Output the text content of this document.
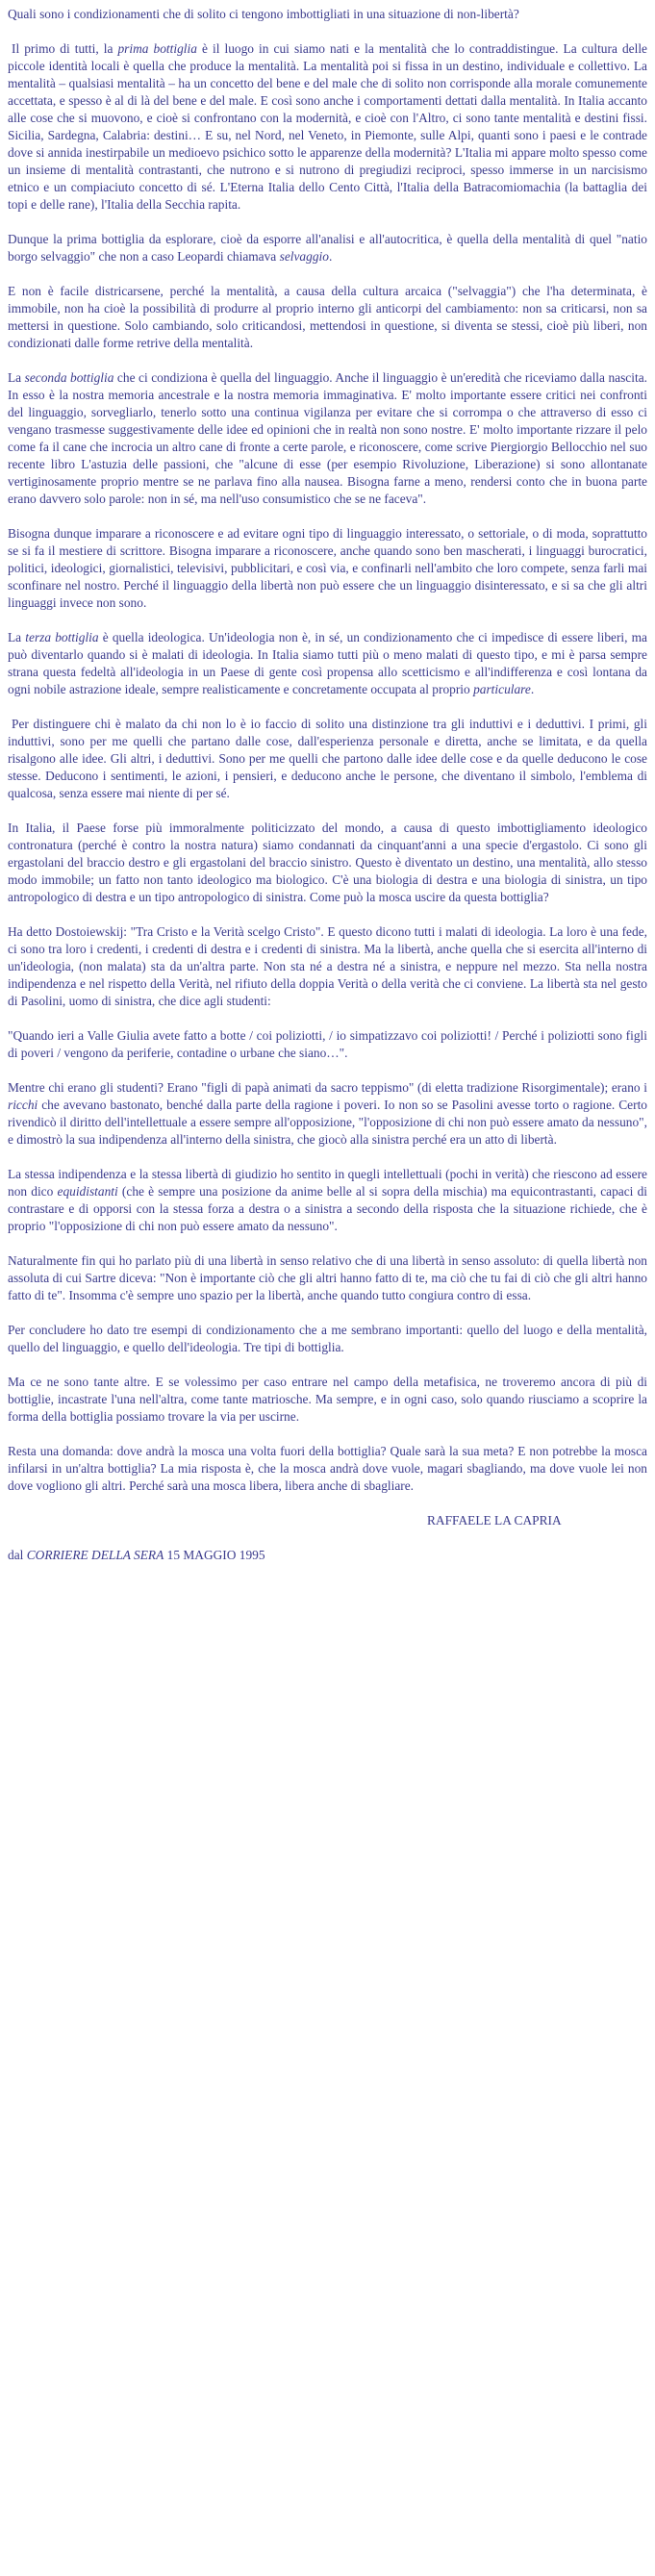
Quali sono i condizionamenti che di solito ci tengono imbottigliati in una situazione di non-libertà?

Il primo di tutti, la prima bottiglia è il luogo in cui siamo nati e la mentalità che lo contraddistingue. La cultura delle piccole identità locali è quella che produce la mentalità. La mentalità poi si fissa in un destino, individuale e collettivo. La mentalità – qualsiasi mentalità – ha un concetto del bene e del male che di solito non corrisponde alla morale comunemente accettata, e spesso è al di là del bene e del male. E così sono anche i comportamenti dettati dalla mentalità. In Italia accanto alle cose che si muovono, e cioè si confrontano con la modernità, e cioè con l'Altro, ci sono tante mentalità e destini fissi. Sicilia, Sardegna, Calabria: destini… E su, nel Nord, nel Veneto, in Piemonte, sulle Alpi, quanti sono i paesi e le contrade dove si annida inestirpabile un medioevo psichico sotto le apparenze della modernità? L'Italia mi appare molto spesso come un insieme di mentalità contrastanti, che nutrono e si nutrono di pregiudizi reciproci, spesso immerse in un narcisismo etnico e un compiaciuto concetto di sé. L'Eterna Italia dello Cento Città, l'Italia della Batracomiomachia (la battaglia dei topi e delle rane), l'Italia della Secchia rapita.

Dunque la prima bottiglia da esplorare, cioè da esporre all'analisi e all'autocritica, è quella della mentalità di quel "natio borgo selvaggio" che non a caso Leopardi chiamava selvaggio.

E non è facile districarsene, perché la mentalità, a causa della cultura arcaica ("selvaggia") che l'ha determinata, è immobile, non ha cioè la possibilità di produrre al proprio interno gli anticorpi del cambiamento: non sa criticarsi, non sa mettersi in questione. Solo cambiando, solo criticandosi, mettendosi in questione, si diventa se stessi, cioè più liberi, non condizionati dalle forme retrive della mentalità.

La seconda bottiglia che ci condiziona è quella del linguaggio. Anche il linguaggio è un'eredità che riceviamo dalla nascita. In esso è la nostra memoria ancestrale e la nostra memoria immaginativa. E' molto importante essere critici nei confronti del linguaggio, sorvegliarlo, tenerlo sotto una continua vigilanza per evitare che si corrompa o che attraverso di esso ci vengano trasmesse suggestivamente delle idee ed opinioni che in realtà non sono nostre. E' molto importante rizzare il pelo come fa il cane che incrocia un altro cane di fronte a certe parole, e riconoscere, come scrive Piergiorgio Bellocchio nel suo recente libro L'astuzia delle passioni, che "alcune di esse (per esempio Rivoluzione, Liberazione) si sono allontanate vertiginosamente proprio mentre se ne parlava fino alla nausea. Bisogna farne a meno, rendersi conto che in buona parte erano davvero solo parole: non in sé, ma nell'uso consumistico che se ne faceva".

Bisogna dunque imparare a riconoscere e ad evitare ogni tipo di linguaggio interessato, o settoriale, o di moda, soprattutto se si fa il mestiere di scrittore. Bisogna imparare a riconoscere, anche quando sono ben mascherati, i linguaggi burocratici, politici, ideologici, giornalistici, televisivi, pubblicitari, e così via, e confinarli nell'ambito che loro compete, senza farli mai sconfinare nel nostro. Perché il linguaggio della libertà non può essere che un linguaggio disinteressato, e si sa che gli altri linguaggi invece non sono.

La terza bottiglia è quella ideologica. Un'ideologia non è, in sé, un condizionamento che ci impedisce di essere liberi, ma può diventarlo quando si è malati di ideologia. In Italia siamo tutti più o meno malati di questo tipo, e mi è parsa sempre strana questa fedeltà all'ideologia in un Paese di gente così propensa allo scetticismo e all'indifferenza e così lontana da ogni nobile astrazione ideale, sempre realisticamente e concretamente occupata al proprio particulare.

Per distinguere chi è malato da chi non lo è io faccio di solito una distinzione tra gli induttivi e i deduttivi. I primi, gli induttivi, sono per me quelli che partano dalle cose, dall'esperienza personale e diretta, anche se limitata, e da quella risalgono alle idee. Gli altri, i deduttivi. Sono per me quelli che partono dalle idee delle cose e da quelle deducono le cose stesse. Deducono i sentimenti, le azioni, i pensieri, e deducono anche le persone, che diventano il simbolo, l'emblema di qualcosa, senza essere mai niente di per sé.

In Italia, il Paese forse più immoralmente politicizzato del mondo, a causa di questo imbottigliamento ideologico contronatura (perché è contro la nostra natura) siamo condannati da cinquant'anni a una specie d'ergastolo. Ci sono gli ergastolani del braccio destro e gli ergastolani del braccio sinistro. Questo è diventato un destino, una mentalità, allo stesso modo immobile; un fatto non tanto ideologico ma biologico. C'è una biologia di destra e una biologia di sinistra, un tipo antropologico di destra e un tipo antropologico di sinistra. Come può la mosca uscire da questa bottiglia?

Ha detto Dostoiewskij: "Tra Cristo e la Verità scelgo Cristo". E questo dicono tutti i malati di ideologia. La loro è una fede, ci sono tra loro i credenti, i credenti di destra e i credenti di sinistra. Ma la libertà, anche quella che si esercita all'interno di un'ideologia, (non malata) sta da un'altra parte. Non sta né a destra né a sinistra, e neppure nel mezzo. Sta nella nostra indipendenza e nel rispetto della Verità, nel rifiuto della doppia Verità o della verità che ci conviene. La libertà sta nel gesto di Pasolini, uomo di sinistra, che dice agli studenti:

"Quando ieri a Valle Giulia avete fatto a botte / coi poliziotti, / io simpatizzavo coi poliziotti! / Perché i poliziotti sono figli di poveri / vengono da periferie, contadine o urbane che siano…".

Mentre chi erano gli studenti? Erano "figli di papà animati da sacro teppismo" (di eletta tradizione Risorgimentale); erano i ricchi che avevano bastonato, benché dalla parte della ragione i poveri. Io non so se Pasolini avesse torto o ragione. Certo rivendicò il diritto dell'intellettuale a essere sempre all'opposizione, "l'opposizione di chi non può essere amato da nessuno", e dimostrò la sua indipendenza all'interno della sinistra, che giocò alla sinistra perché era un atto di libertà.

La stessa indipendenza e la stessa libertà di giudizio ho sentito in quegli intellettuali (pochi in verità) che riescono ad essere non dico equidistanti (che è sempre una posizione da anime belle al si sopra della mischia) ma equicontrastanti, capaci di contrastare e di opporsi con la stessa forza a destra o a sinistra a secondo della risposta che la situazione richiede, che è proprio "l'opposizione di chi non può essere amato da nessuno".

Naturalmente fin qui ho parlato più di una libertà in senso relativo che di una libertà in senso assoluto: di quella libertà non assoluta di cui Sartre diceva: "Non è importante ciò che gli altri hanno fatto di te, ma ciò che tu fai di ciò che gli altri hanno fatto di te". Insomma c'è sempre uno spazio per la libertà, anche quando tutto congiura contro di essa.

Per concludere ho dato tre esempi di condizionamento che a me sembrano importanti: quello del luogo e della mentalità, quello del linguaggio, e quello dell'ideologia. Tre tipi di bottiglia.

Ma ce ne sono tante altre. E se volessimo per caso entrare nel campo della metafisica, ne troveremo ancora di più di bottiglie, incastrate l'una nell'altra, come tante matriosche. Ma sempre, e in ogni caso, solo quando riusciamo a scoprire la forma della bottiglia possiamo trovare la via per uscirne.

Resta una domanda: dove andrà la mosca una volta fuori della bottiglia? Quale sarà la sua meta? E non potrebbe la mosca infilarsi in un'altra bottiglia? La mia risposta è, che la mosca andrà dove vuole, magari sbagliando, ma dove vuole lei non dove vogliono gli altri. Perché sarà una mosca libera, libera anche di sbagliare.

RAFFAELE LA CAPRIA

dal CORRIERE DELLA SERA 15 MAGGIO 1995
